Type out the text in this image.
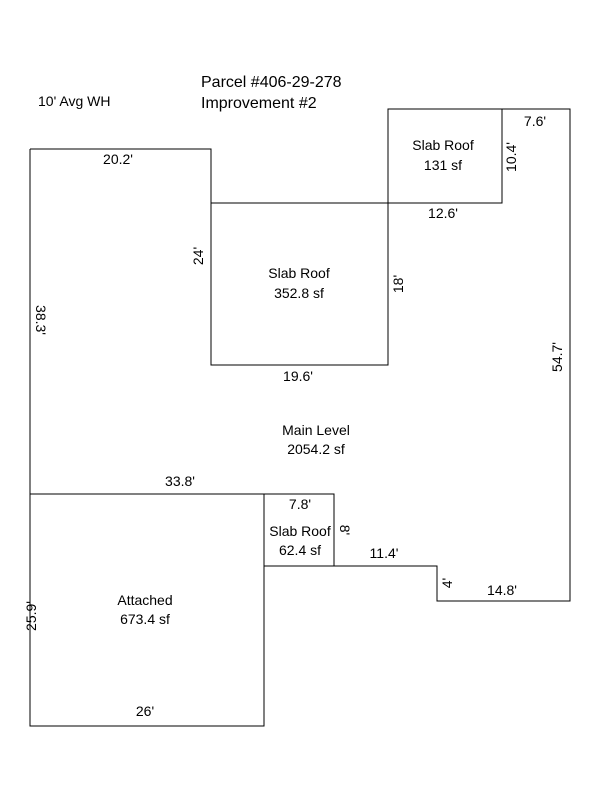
10' Avg WH
Parcel #406-29-278
Improvement #2
Slab Roof
131 sf
Slab Roof
352.8 sf
Main Level
2054.2 sf
Slab Roof
62.4 sf
Attached
673.4 sf
20.2'
19.6'
12.6'
7.6'
33.8'
7.8'
11.4'
14.8'
26'
38.3'
24'
18'
10.4'
54.7'
8'
4'
25.9'
